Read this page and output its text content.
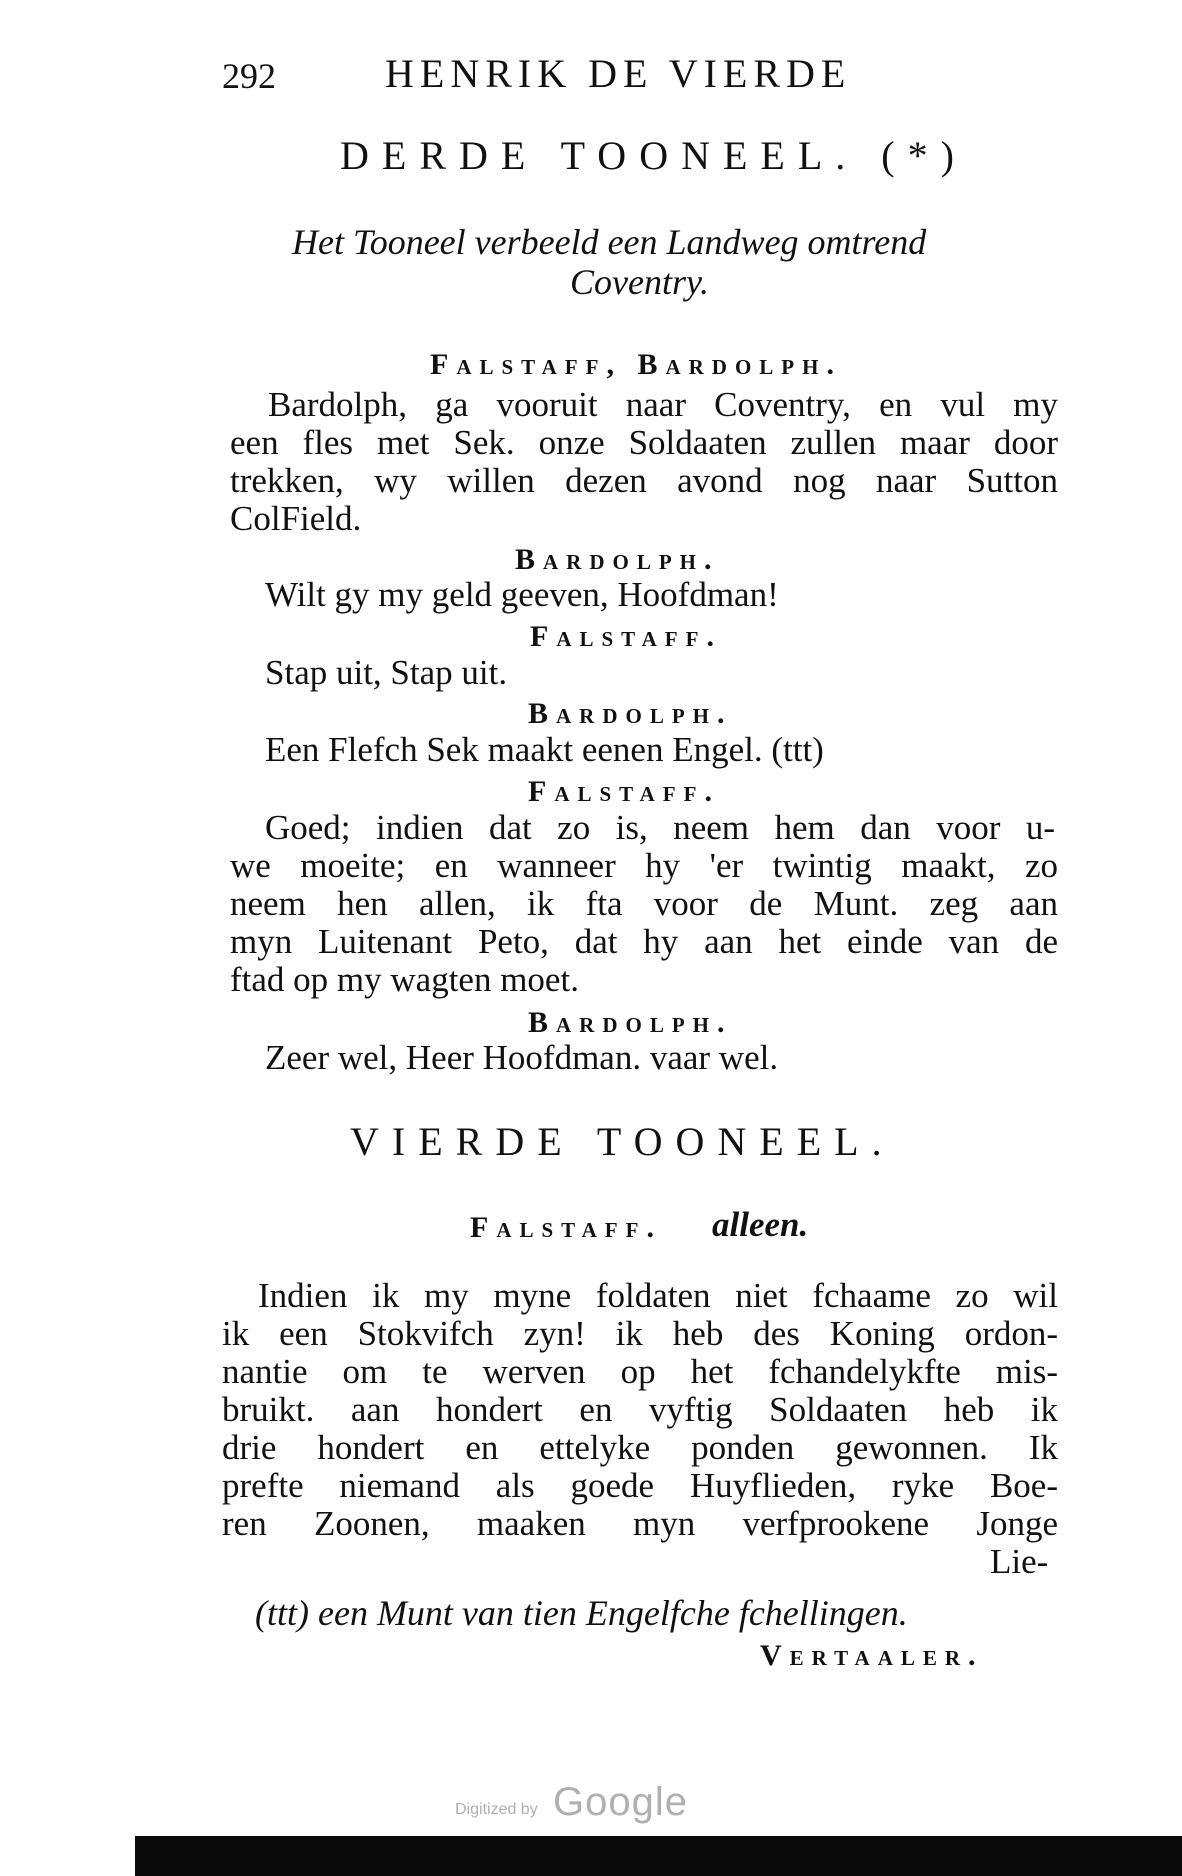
292	HENRIK DE VIERDE
DERDE TOONEEL. (*)
Het Tooneel verbeeld een Landweg omtrend
Coventry.
Falstaff, Bardolph.
Bardolph, ga vooruit naar Coventry, en vul my
een fles met Sek. onze Soldaaten zullen maar door
trekken, wy willen dezen avond nog naar Sutton
ColField.
Bardolph.
Wilt gy my geld geeven, Hoofdman!
Falstaff.
Stap uit, Stap uit.
Bardolph.
Een Flefch Sek maakt eenen Engel. (ttt)
Falstaff.
Goed; indien dat zo is, neem hem dan voor u-
we moeite; en wanneer hy 'er twintig maakt, zo
neem hen allen, ik fta voor de Munt. zeg aan
myn Luitenant Peto, dat hy aan het einde van de
ftad op my wagten moet.
Bardolph.
Zeer wel, Heer Hoofdman. vaar wel.
VIERDE TOONEEL.
Falstaff. alleen.
Indien ik my myne foldaten niet fchaame zo wil
ik een Stokvifch zyn! ik heb des Koning ordon-
nantie om te werven op het fchandelykfte mis-
bruikt. aan hondert en vyftig Soldaaten heb ik
drie hondert en ettelyke ponden gewonnen. Ik
prefte niemand als goede Huyflieden, ryke Boe-
ren Zoonen, maaken myn verfprookene Jonge
Lie-
(ttt) een Munt van tien Engelfche fchellingen.
Vertaaler.
Digitized by Google
